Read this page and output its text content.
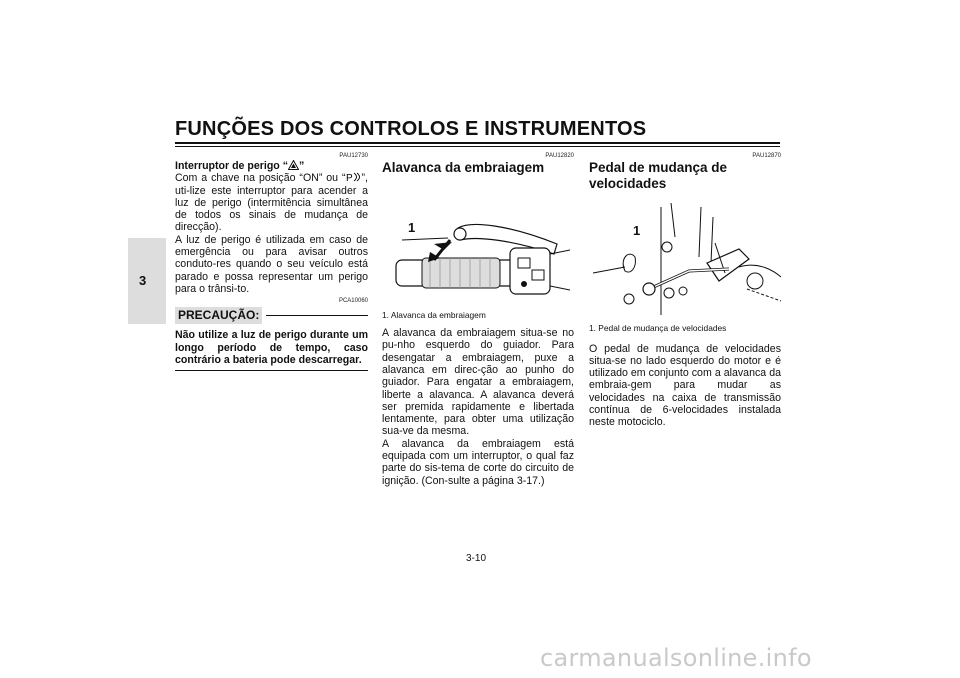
FUNÇÕES DOS CONTROLOS E INSTRUMENTOS
3
PAU12730
Interruptor de perigo “ ”

Com a chave na posição “ON” ou “ P ”, uti-lize este interruptor para acender a luz de perigo (intermitência simultânea de todos os sinais de mudança de direcção).

A luz de perigo é utilizada em caso de emergência ou para avisar outros conduto-res quando o seu veículo está parado e possa representar um perigo para o trânsi-to.

PCA10060
PRECAUÇÃO:

Não utilize a luz de perigo durante um longo período de tempo, caso contrário a bateria pode descarregar.

PAU12820
Alavanca da embraiagem
1
1. Alavanca da embraiagem

A alavanca da embraiagem situa-se no pu-nho esquerdo do guiador. Para desengatar a embraiagem, puxe a alavanca em direc-ção ao punho do guiador. Para engatar a embraiagem, liberte a alavanca. A alavanca deverá ser premida rapidamente e libertada lentamente, para obter uma utilização sua-ve da mesma.

A alavanca da embraiagem está equipada com um interruptor, o qual faz parte do sis-tema de corte do circuito de ignição. (Con-sulte a página 3-17.)

PAU12870
Pedal de mudança de velocidades
1
1. Pedal de mudança de velocidades

O pedal de mudança de velocidades situa-se no lado esquerdo do motor e é utilizado em conjunto com a alavanca da embraia-gem para mudar as velocidades na caixa de transmissão contínua de 6-velocidades instalada neste motociclo.

3-10
carmanualsonline.info
